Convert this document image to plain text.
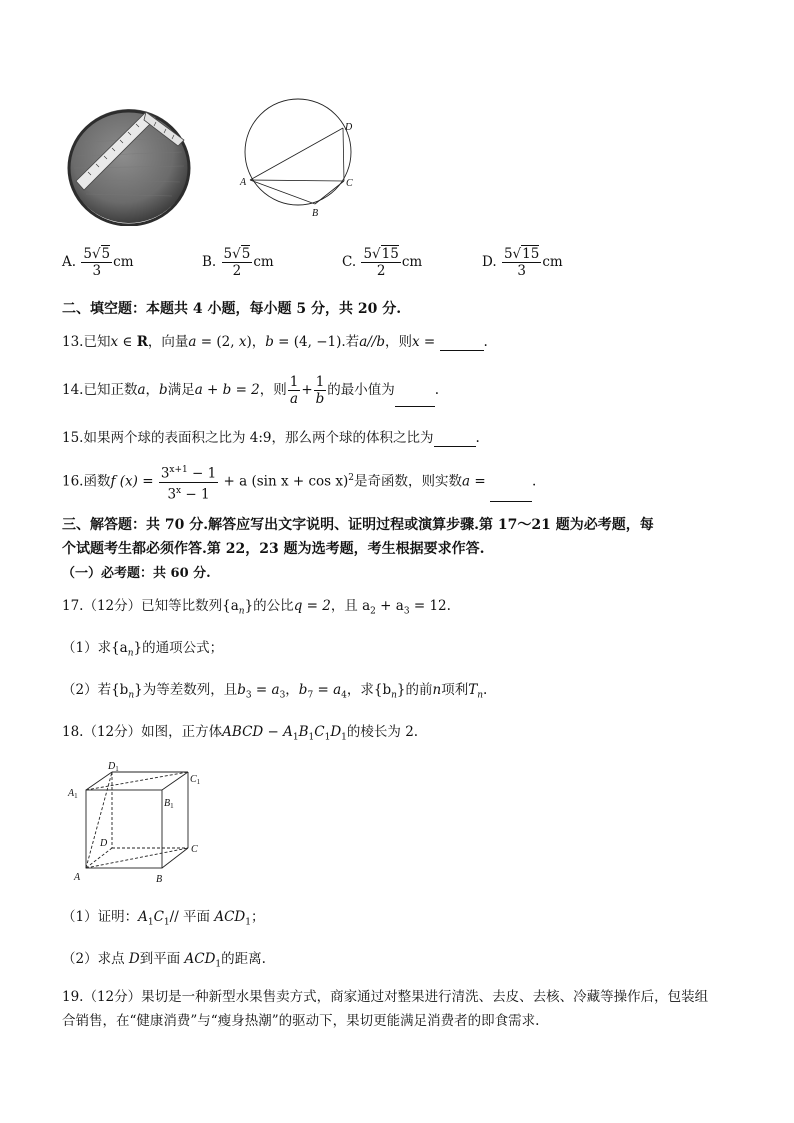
A
B
C
D
A. $\frac{5√5}{3}$ cm	B. $\frac{5√5}{2}$ cm	C. $\frac{5√15}{2}$ cm	D. $\frac{5√15}{3}$ cm
二、填空题：本题共 4 小题，每小题 5 分，共 20 分.
13.已知x ∈ R，向量a = (2, x)，b = (4, −1).若a//b，则x =	.
14.已知正数a，b满足a + b = 2，则 $\frac{1}{a} + \frac{1}{b}$ 的最小值为	.
15.如果两个球的表面积之比为 4:9，那么两个球的体积之比为	.
16.函数f $(x) = \frac{3^{x+1} - 1}{3^x - 1} + a$ (sin x + cos x)$^2$是奇函数，则实数a =	.
三、解答题：共 70 分.解答应写出文字说明、证明过程或演算步骤.第 17～21 题为必考题，每
个试题考生都必须作答.第 22，23 题为选考题，考生根据要求作答.
（一）必考题：共 60 分.
17.（12分）已知等比数列$\{a_n\}$的公比q = 2，且 $a_2 + a_3 = 12$.
（1）求$\{a_n\}$的通项公式；
（2）若$\{b_n\}$为等差数列，且$b_3 = a_3$，$b_7 = a_4$，求$\{b_n\}$的前n项利$T_n$.
18.（12分）如图，正方体ABCD − $A_1B_1C_1D_1$的棱长为 2.
A	B
C
D
$A_1$
$B_1$
$C_1$
$D_1$
（1）证明：$A_1C_1//$ 平面 $ACD_1$；
（2）求点 D到平面 $ACD_1$的距离.
19.（12分）果切是一种新型水果售卖方式，商家通过对整果进行清洗、去皮、去核、冷藏等操作后，包装组
合销售，在“健康消费”与“瘦身热潮”的驱动下，果切更能满足消费者的即食需求.
